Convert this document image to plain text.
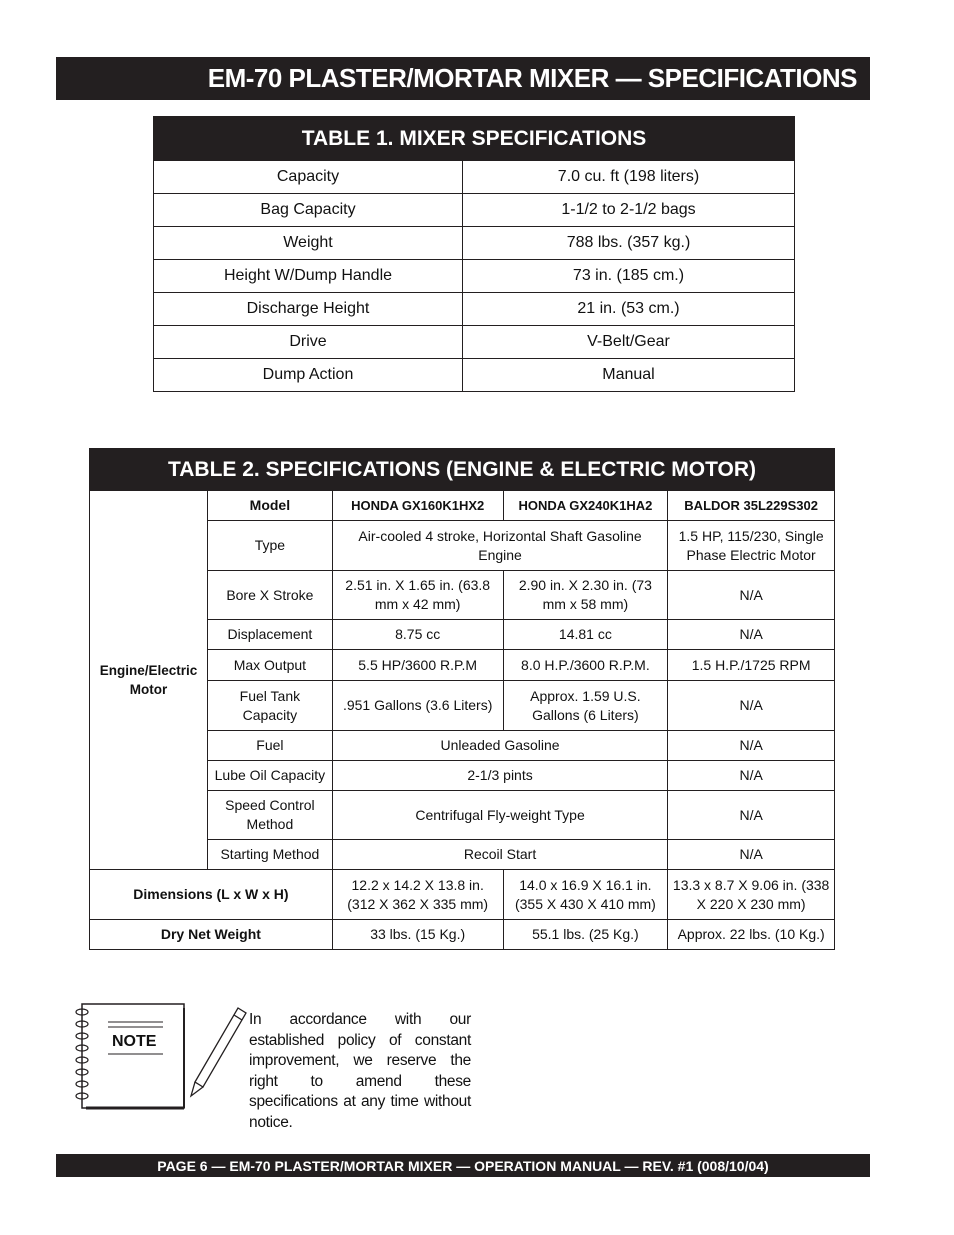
EM-70 PLASTER/MORTAR MIXER — SPECIFICATIONS
TABLE 1. MIXER SPECIFICATIONS	
Capacity	7.0 cu. ft (198 liters)
Bag Capacity	1-1/2 to 2-1/2 bags
Weight	788 lbs. (357 kg.)
Height W/Dump Handle	73 in. (185 cm.)
Discharge Height	21 in. (53 cm.)
Drive	V-Belt/Gear
Dump Action	Manual
TABLE 2. SPECIFICATIONS (ENGINE & ELECTRIC MOTOR)				
Engine/Electric Motor	Model	HONDA GX160K1HX2	HONDA GX240K1HA2	BALDOR 35L229S302
	Type	Air-cooled 4 stroke, Horizontal Shaft Gasoline Engine		1.5 HP, 115/230, Single Phase Electric Motor
	Bore X Stroke	2.51 in. X 1.65 in. (63.8 mm x 42 mm)	2.90 in. X 2.30 in. (73 mm x 58 mm)	N/A
	Displacement	8.75 cc	14.81 cc	N/A
	Max Output	5.5 HP/3600 R.P.M	8.0 H.P./3600 R.P.M.	1.5 H.P./1725 RPM
	Fuel Tank Capacity	.951 Gallons (3.6 Liters)	Approx. 1.59 U.S. Gallons (6 Liters)	N/A
	Fuel	Unleaded Gasoline		N/A
	Lube Oil Capacity	2-1/3 pints		N/A
	Speed Control Method	Centrifugal Fly-weight Type		N/A
	Starting Method	Recoil Start		N/A

Dimensions (L x W x H)		12.2 x 14.2 X 13.8 in. (312 X 362 X 335 mm)	14.0 x 16.9 X 16.1 in. (355 X 430 X 410 mm)	13.3 x 8.7 X 9.06 in. (338 X 220 X 230 mm)
Dry Net Weight		33 lbs. (15 Kg.)	55.1 lbs. (25 Kg.)	Approx. 22 lbs. (10 Kg.)
NOTE
In accordance with our established policy of constant improvement, we reserve the right to amend these specifications at any time without notice.
PAGE 6 — EM-70 PLASTER/MORTAR MIXER — OPERATION MANUAL — REV. #1 (008/10/04)
